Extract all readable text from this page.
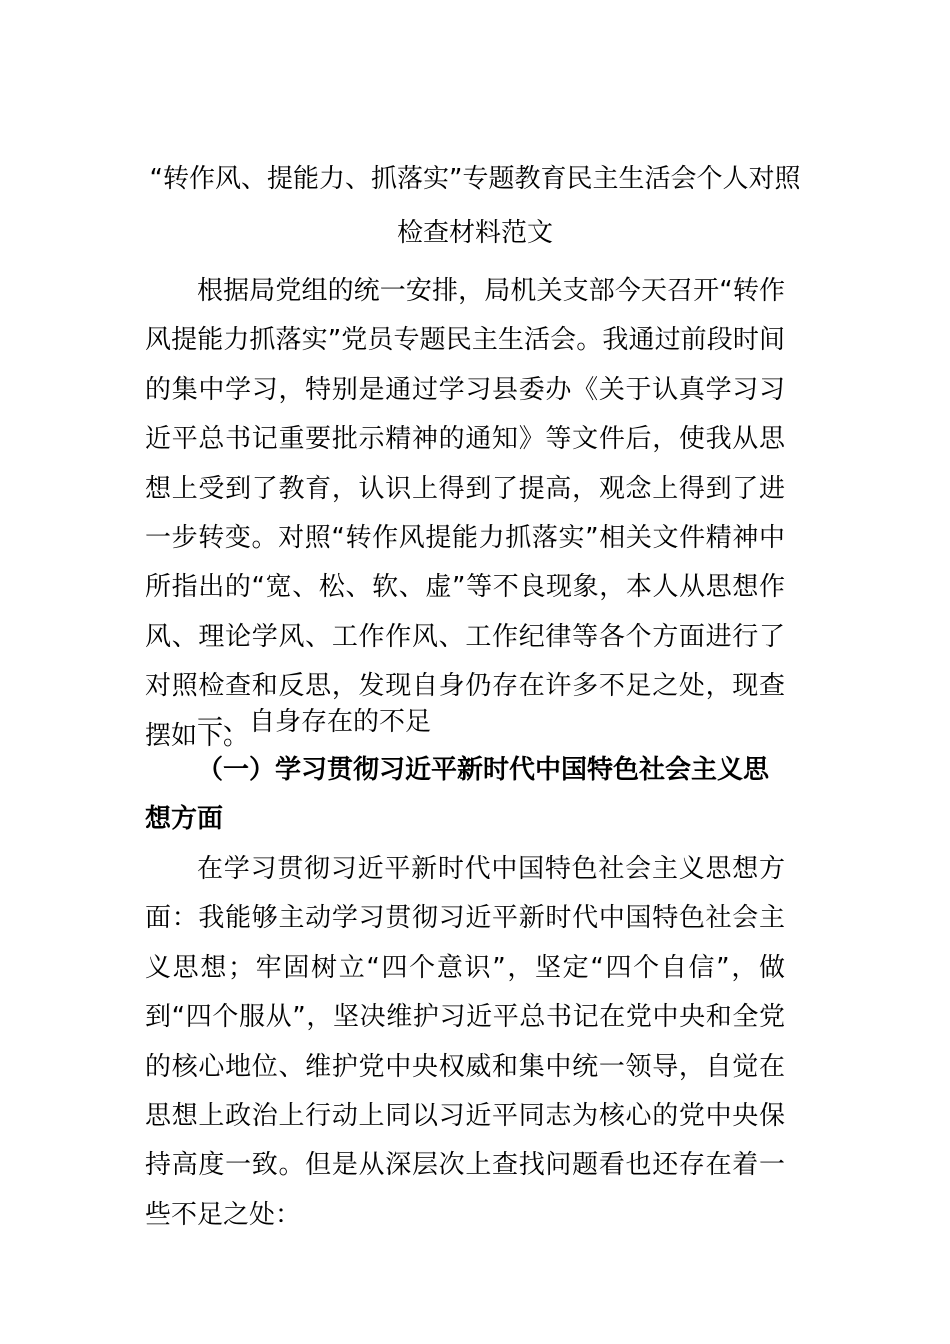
“转作风、提能力、抓落实”专题教育民主生活会个人对照检查材料范文

根据局党组的统一安排，局机关支部今天召开“转作风提能力抓落实”党员专题民主生活会。我通过前段时间的集中学习，特别是通过学习县委办《关于认真学习习近平总书记重要批示精神的通知》等文件后，使我从思想上受到了教育，认识上得到了提高，观念上得到了进一步转变。对照“转作风提能力抓落实”相关文件精神中所指出的“宽、松、软、虚”等不良现象，本人从思想作风、理论学风、工作作风、工作纪律等各个方面进行了对照检查和反思，发现自身仍存在许多不足之处，现查摆如下。

一、自身存在的不足

（一）学习贯彻习近平新时代中国特色社会主义思想方面

在学习贯彻习近平新时代中国特色社会主义思想方面：我能够主动学习贯彻习近平新时代中国特色社会主义思想；牢固树立“四个意识”，坚定“四个自信”，做到“四个服从”，坚决维护习近平总书记在党中央和全党的核心地位、维护党中央权威和集中统一领导，自觉在思想上政治上行动上同以习近平同志为核心的党中央保持高度一致。但是从深层次上查找问题看也还存在着一些不足之处：
